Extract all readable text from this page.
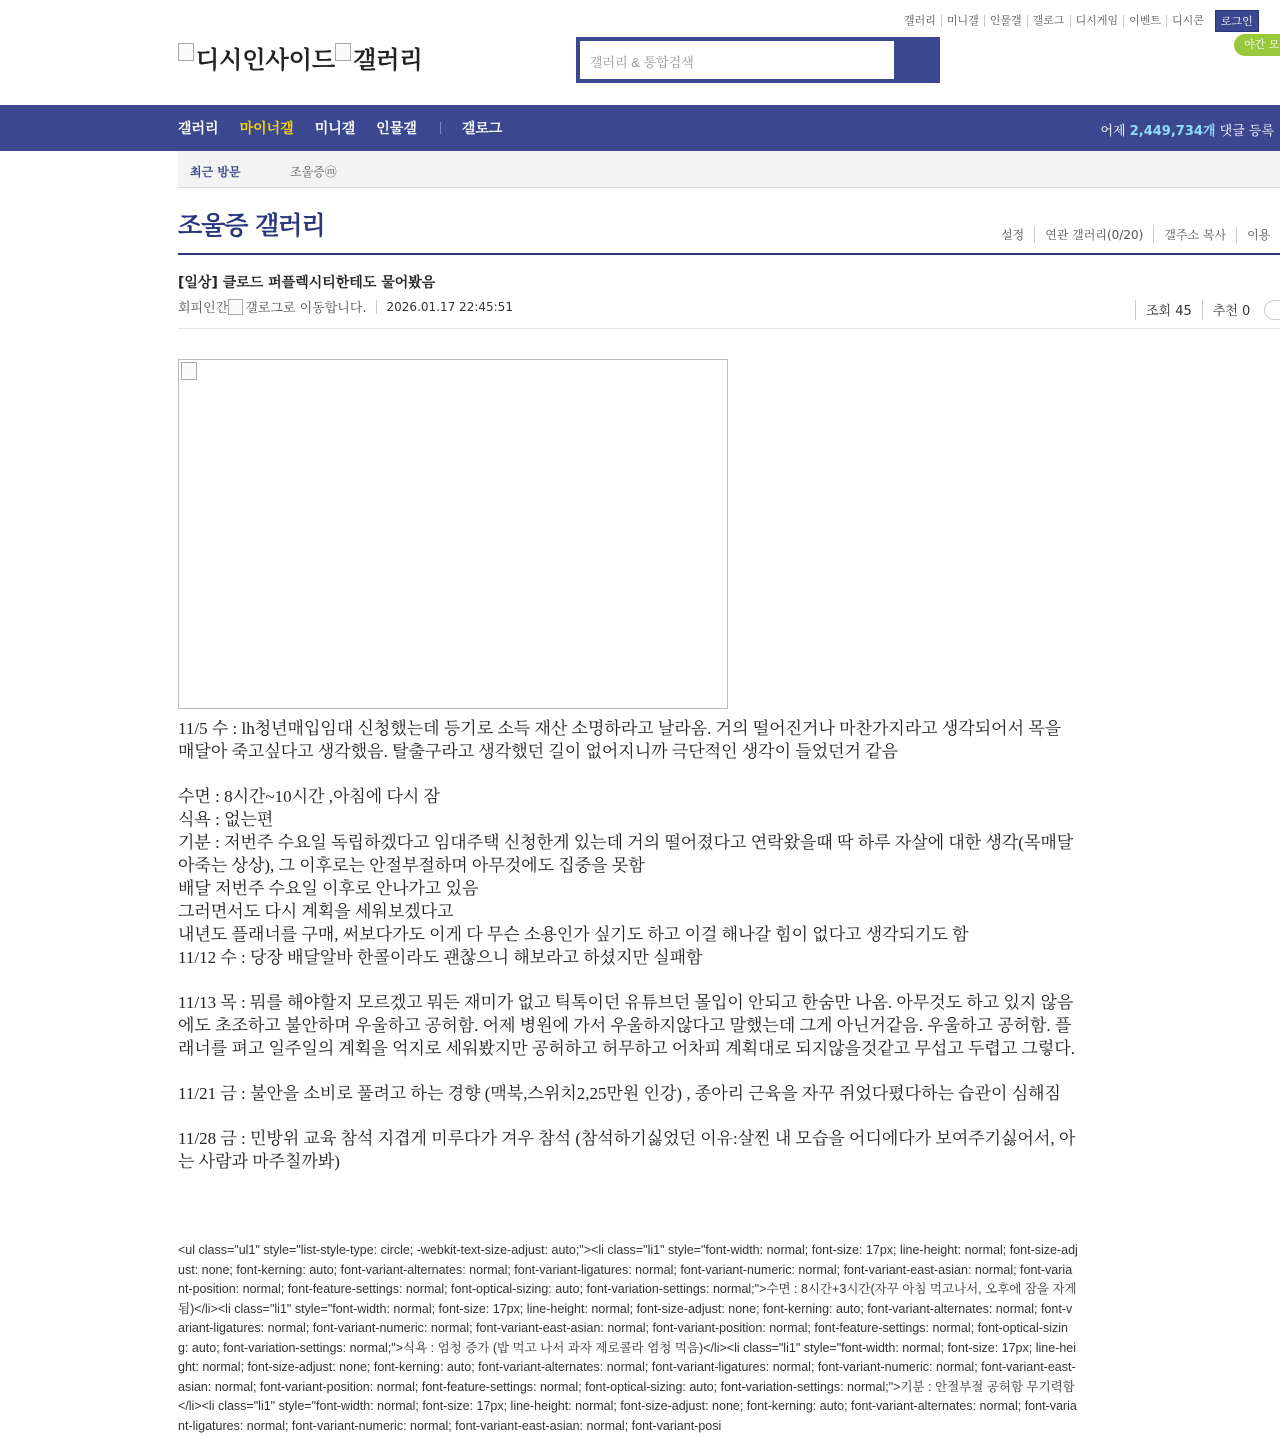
갤러리	미니갤	인물갤	갤로그	디시게임	이벤트	디시콘	로그인
야간 모
디시인사이드 갤러리	갤러리 & 통합검색
갤러리 마이너갤 미니갤 인물갤	갤로그	어제 2,449,734개 댓글 등록
최근 방문	조울증ⓜ
조울증 갤러리	설정	연관 갤러리(0/20)	갤주소 복사	이용
[일상] 클로드 퍼플렉시티한테도 물어봤음
회피인간 갤로그로 이동합니다.	2026.01.17 22:45:51	조회 45	추천 0

11/5 수 : lh청년매입임대 신청했는데 등기로 소득 재산 소명하라고 날라옴. 거의 떨어진거나 마찬가지라고 생각되어서 목을 매달아 죽고싶다고 생각했음. 탈출구라고 생각했던 길이 없어지니까 극단적인 생각이 들었던거 같음

수면 : 8시간~10시간 ,아침에 다시 잠

식욕 : 없는편

기분 : 저번주 수요일 독립하겠다고 임대주택 신청한게 있는데 거의 떨어졌다고 연락왔을때 딱 하루 자살에 대한 생각(목매달아죽는 상상), 그 이후로는 안절부절하며 아무것에도 집중을 못함

배달 저번주 수요일 이후로 안나가고 있음

그러면서도 다시 계획을 세워보겠다고

내년도 플래너를 구매, 써보다가도 이게 다 무슨 소용인가 싶기도 하고 이걸 해나갈 힘이 없다고 생각되기도 함

11/12 수 : 당장 배달알바 한콜이라도 괜찮으니 해보라고 하셨지만 실패함

11/13 목 : 뭐를 해야할지 모르겠고 뭐든 재미가 없고 틱톡이던 유튜브던 몰입이 안되고 한숨만 나옴. 아무것도 하고 있지 않음에도 초조하고 불안하며 우울하고 공허함. 어제 병원에 가서 우울하지않다고 말했는데 그게 아닌거같음. 우울하고 공허함. 플래너를 펴고 일주일의 계획을 억지로 세워봤지만 공허하고 허무하고 어차피 계획대로 되지않을것같고 무섭고 두렵고 그렇다.

11/21 금 : 불안을 소비로 풀려고 하는 경향 (맥북,스위치2,25만원 인강) , 종아리 근육을 자꾸 쥐었다폈다하는 습관이 심해짐

11/28 금 : 민방위 교육 참석 지겹게 미루다가 겨우 참석 (참석하기싫었던 이유:살찐 내 모습을 어디에다가 보여주기싫어서, 아는 사람과 마주칠까봐)

<ul class="ul1" style="list-style-type: circle; -webkit-text-size-adjust: auto;"><li class="li1" style="font-width: normal; font-size: 17px; line-height: normal; font-size-adjust: none; font-kerning: auto; font-variant-alternates: normal; font-variant-ligatures: normal; font-variant-numeric: normal; font-variant-east-asian: normal; font-variant-position: normal; font-feature-settings: normal; font-optical-sizing: auto; font-variation-settings: normal;">수면 : 8시간+3시간(자꾸 아침 먹고나서, 오후에 잠을 자게 됨)</li><li class="li1" style="font-width: normal; font-size: 17px; line-height: normal; font-size-adjust: none; font-kerning: auto; font-variant-alternates: normal; font-variant-ligatures: normal; font-variant-numeric: normal; font-variant-east-asian: normal; font-variant-position: normal; font-feature-settings: normal; font-optical-sizing: auto; font-variation-settings: normal;">식욕 : 엄청 증가 (밥 먹고 나서 과자 제로콜라 엄청 먹음)</li><li class="li1" style="font-width: normal; font-size: 17px; line-height: normal; font-size-adjust: none; font-kerning: auto; font-variant-alternates: normal; font-variant-ligatures: normal; font-variant-numeric: normal; font-variant-east-asian: normal; font-variant-position: normal; font-feature-settings: normal; font-optical-sizing: auto; font-variation-settings: normal;">기분 : 안절부절 공허함 무기력함</li><li class="li1" style="font-width: normal; font-size: 17px; line-height: normal; font-size-adjust: none; font-kerning: auto; font-variant-alternates: normal; font-variant-ligatures: normal; font-variant-numeric: normal; font-variant-east-asian: normal; font-variant-posi
